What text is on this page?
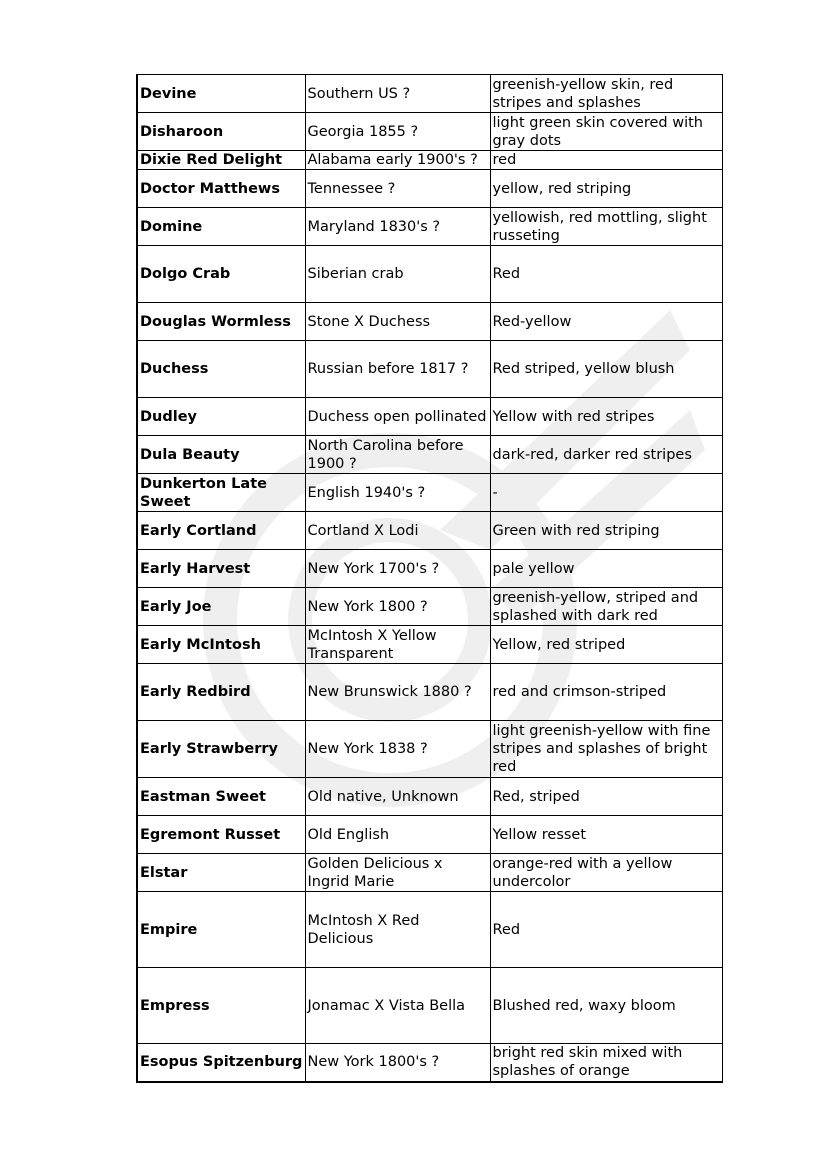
Devine	Southern US ?	greenish-yellow skin, red stripes and splashes
Disharoon	Georgia 1855 ?	light green skin covered with gray dots
Dixie Red Delight	Alabama early 1900's ?	red
Doctor Matthews	Tennessee ?	yellow, red striping
Domine	Maryland 1830's ?	yellowish, red mottling, slight russeting
Dolgo Crab	Siberian crab	Red
Douglas Wormless	Stone X Duchess	Red-yellow
Duchess	Russian before 1817 ?	Red striped, yellow blush
Dudley	Duchess open pollinated	Yellow with red stripes
Dula Beauty	North Carolina before 1900 ?	dark-red, darker red stripes
Dunkerton Late Sweet	English 1940's ?	-
Early Cortland	Cortland X Lodi	Green with red striping
Early Harvest	New York 1700's ?	pale yellow
Early Joe	New York 1800 ?	greenish-yellow, striped and splashed with dark red
Early McIntosh	McIntosh X Yellow Transparent	Yellow, red striped
Early Redbird	New Brunswick 1880 ?	red and crimson-striped
Early Strawberry	New York 1838 ?	light greenish-yellow with fine stripes and splashes of bright red
Eastman Sweet	Old native, Unknown	Red, striped
Egremont Russet	Old English	Yellow resset
Elstar	Golden Delicious x Ingrid Marie	orange-red with a yellow undercolor
Empire	McIntosh X Red Delicious	Red
Empress	Jonamac X Vista Bella	Blushed red, waxy bloom
Esopus Spitzenburg	New York 1800's ?	bright red skin mixed with splashes of orange
